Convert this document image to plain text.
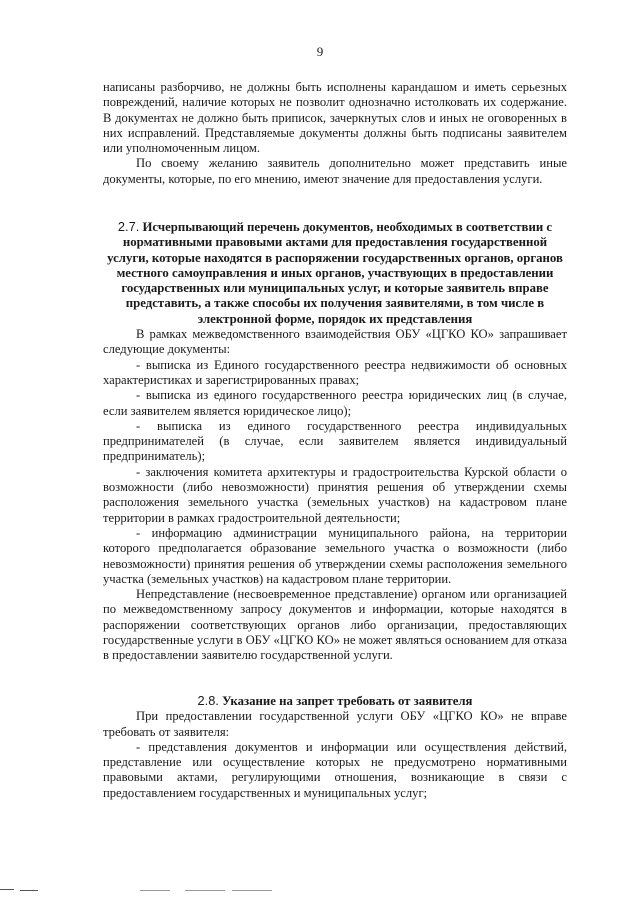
9

написаны разборчиво, не должны быть исполнены карандашом и иметь серьезных повреждений, наличие которых не позволит однозначно истолковать их содержание. В документах не должно быть приписок, зачеркнутых слов и иных не оговоренных в них исправлений. Представляемые документы должны быть подписаны заявителем или уполномоченным лицом.

По своему желанию заявитель дополнительно может представить иные документы, которые, по его мнению, имеют значение для предоставления услуги.

2.7. Исчерпывающий перечень документов, необходимых в соответствии с нормативными правовыми актами для предоставления государственной услуги, которые находятся в распоряжении государственных органов, органов местного самоуправления и иных органов, участвующих в предоставлении государственных или муниципальных услуг, и которые заявитель вправе представить, а также способы их получения заявителями, в том числе в электронной форме, порядок их представления

В рамках межведомственного взаимодействия ОБУ «ЦГКО КО» запрашивает следующие документы:

- выписка из Единого государственного реестра недвижимости об основных характеристиках и зарегистрированных правах;

- выписка из единого государственного реестра юридических лиц (в случае, если заявителем является юридическое лицо);

- выписка из единого государственного реестра индивидуальных предпринимателей (в случае, если заявителем является индивидуальный предприниматель);

- заключения комитета архитектуры и градостроительства Курской области о возможности (либо невозможности) принятия решения об утверждении схемы расположения земельного участка (земельных участков) на кадастровом плане территории в рамках градостроительной деятельности;

- информацию администрации муниципального района, на территории которого предполагается образование земельного участка о возможности (либо невозможности) принятия решения об утверждении схемы расположения земельного участка (земельных участков) на кадастровом плане территории.

Непредставление (несвоевременное представление) органом или организацией по межведомственному запросу документов и информации, которые находятся в распоряжении соответствующих органов либо организации, предоставляющих государственные услуги в ОБУ «ЦГКО КО» не может являться основанием для отказа в предоставлении заявителю государственной услуги.

2.8. Указание на запрет требовать от заявителя

При предоставлении государственной услуги ОБУ «ЦГКО КО» не вправе требовать от заявителя:

- представления документов и информации или осуществления действий, представление или осуществление которых не предусмотрено нормативными правовыми актами, регулирующими отношения, возникающие в связи с предоставлением государственных и муниципальных услуг;
